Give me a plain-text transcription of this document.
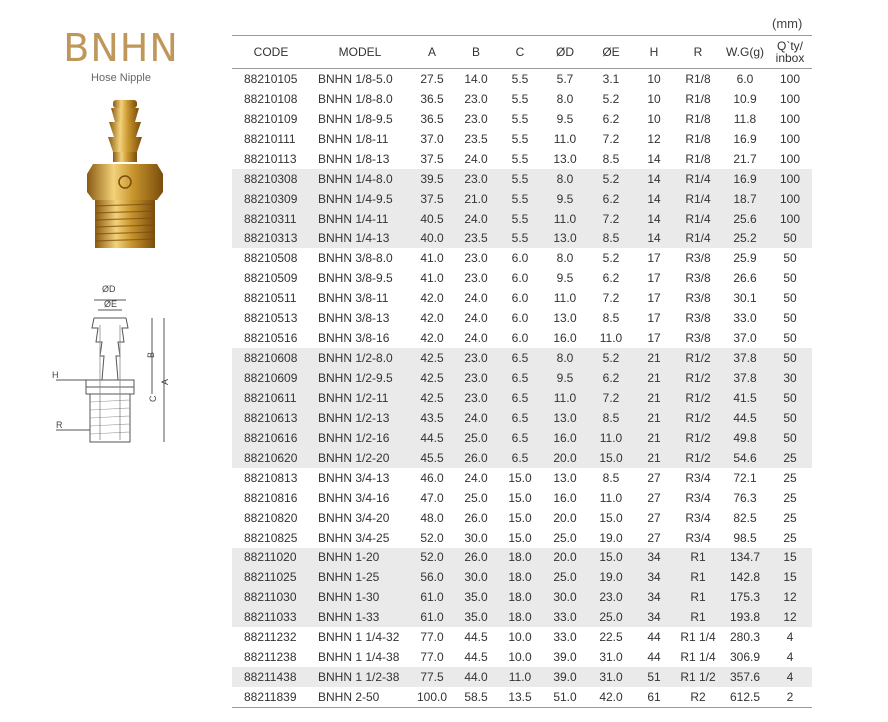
BNHN
Hose Nipple
ØD
ØE
B
A
C
H
R
(mm)
CODE	MODEL	A	B	C	ØD	ØE	H	R	W.G(g)	Q`ty/
inbox
88210105	BNHN 1/8-5.0	27.5	14.0	5.5	5.7	3.1	10	R1/8	6.0	100
88210108	BNHN 1/8-8.0	36.5	23.0	5.5	8.0	5.2	10	R1/8	10.9	100
88210109	BNHN 1/8-9.5	36.5	23.0	5.5	9.5	6.2	10	R1/8	11.8	100
88210111	BNHN 1/8-11	37.0	23.5	5.5	11.0	7.2	12	R1/8	16.9	100
88210113	BNHN 1/8-13	37.5	24.0	5.5	13.0	8.5	14	R1/8	21.7	100
88210308	BNHN 1/4-8.0	39.5	23.0	5.5	8.0	5.2	14	R1/4	16.9	100
88210309	BNHN 1/4-9.5	37.5	21.0	5.5	9.5	6.2	14	R1/4	18.7	100
88210311	BNHN 1/4-11	40.5	24.0	5.5	11.0	7.2	14	R1/4	25.6	100
88210313	BNHN 1/4-13	40.0	23.5	5.5	13.0	8.5	14	R1/4	25.2	50
88210508	BNHN 3/8-8.0	41.0	23.0	6.0	8.0	5.2	17	R3/8	25.9	50
88210509	BNHN 3/8-9.5	41.0	23.0	6.0	9.5	6.2	17	R3/8	26.6	50
88210511	BNHN 3/8-11	42.0	24.0	6.0	11.0	7.2	17	R3/8	30.1	50
88210513	BNHN 3/8-13	42.0	24.0	6.0	13.0	8.5	17	R3/8	33.0	50
88210516	BNHN 3/8-16	42.0	24.0	6.0	16.0	11.0	17	R3/8	37.0	50
88210608	BNHN 1/2-8.0	42.5	23.0	6.5	8.0	5.2	21	R1/2	37.8	50
88210609	BNHN 1/2-9.5	42.5	23.0	6.5	9.5	6.2	21	R1/2	37.8	30
88210611	BNHN 1/2-11	42.5	23.0	6.5	11.0	7.2	21	R1/2	41.5	50
88210613	BNHN 1/2-13	43.5	24.0	6.5	13.0	8.5	21	R1/2	44.5	50
88210616	BNHN 1/2-16	44.5	25.0	6.5	16.0	11.0	21	R1/2	49.8	50
88210620	BNHN 1/2-20	45.5	26.0	6.5	20.0	15.0	21	R1/2	54.6	25
88210813	BNHN 3/4-13	46.0	24.0	15.0	13.0	8.5	27	R3/4	72.1	25
88210816	BNHN 3/4-16	47.0	25.0	15.0	16.0	11.0	27	R3/4	76.3	25
88210820	BNHN 3/4-20	48.0	26.0	15.0	20.0	15.0	27	R3/4	82.5	25
88210825	BNHN 3/4-25	52.0	30.0	15.0	25.0	19.0	27	R3/4	98.5	25
88211020	BNHN 1-20	52.0	26.0	18.0	20.0	15.0	34	R1	134.7	15
88211025	BNHN 1-25	56.0	30.0	18.0	25.0	19.0	34	R1	142.8	15
88211030	BNHN 1-30	61.0	35.0	18.0	30.0	23.0	34	R1	175.3	12
88211033	BNHN 1-33	61.0	35.0	18.0	33.0	25.0	34	R1	193.8	12
88211232	BNHN 1 1/4-32	77.0	44.5	10.0	33.0	22.5	44	R1 1/4	280.3	4
88211238	BNHN 1 1/4-38	77.0	44.5	10.0	39.0	31.0	44	R1 1/4	306.9	4
88211438	BNHN 1 1/2-38	77.5	44.0	11.0	39.0	31.0	51	R1 1/2	357.6	4
88211839	BNHN 2-50	100.0	58.5	13.5	51.0	42.0	61	R2	612.5	2
